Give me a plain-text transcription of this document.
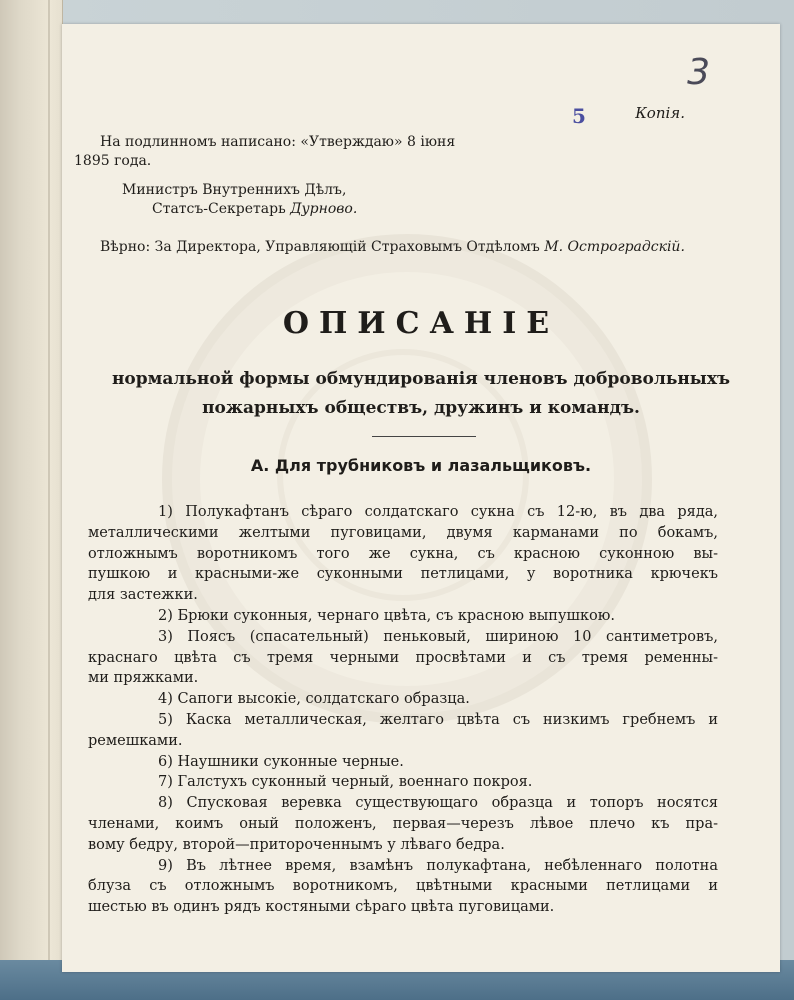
3

5	Копія.

На подлинномъ написано: «Утверждаю» 8 іюня

1895 года.

Министръ Внутреннихъ Дѣлъ,

Статсъ-Секретарь Дурново.

Вѣрно: За Директора, Управляющій Страховымъ Отдѣломъ М. Остроградскій.

ОПИСАНІЕ

нормальной формы обмундированія членовъ добровольныхъ

пожарныхъ обществъ, дружинъ и командъ.

А. Для трубниковъ и лазальщиковъ.

1) Полукафтанъ сѣраго солдатскаго сукна съ 12-ю, въ два ряда,

металлическими желтыми пуговицами, двумя карманами по бокамъ,

отложнымъ воротникомъ того же сукна, съ красною суконною вы-

пушкою и красными-же суконными петлицами, у воротника крючекъ

для застежки.

2) Брюки суконныя, чернаго цвѣта, съ красною выпушкою.

3) Поясъ (спасательный) пеньковый, шириною 10 сантиметровъ,

краснаго цвѣта съ тремя черными просвѣтами и съ тремя ременны-

ми пряжками.

4) Сапоги высокіе, солдатскаго образца.

5) Каска металлическая, желтаго цвѣта съ низкимъ гребнемъ и

ремешками.

6) Наушники суконные черные.

7) Галстухъ суконный черный, военнаго покроя.

8) Спусковая веревка существующаго образца и топоръ носятся

членами, коимъ оный положенъ, первая—черезъ лѣвое плечо къ пра-

вому бедру, второй—притороченнымъ у лѣваго бедра.

9) Въ лѣтнее время, взамѣнъ полукафтана, небѣленнаго полотна

блуза съ отложнымъ воротникомъ, цвѣтными красными петлицами и

шестью въ одинъ рядъ костяными сѣраго цвѣта пуговицами.
